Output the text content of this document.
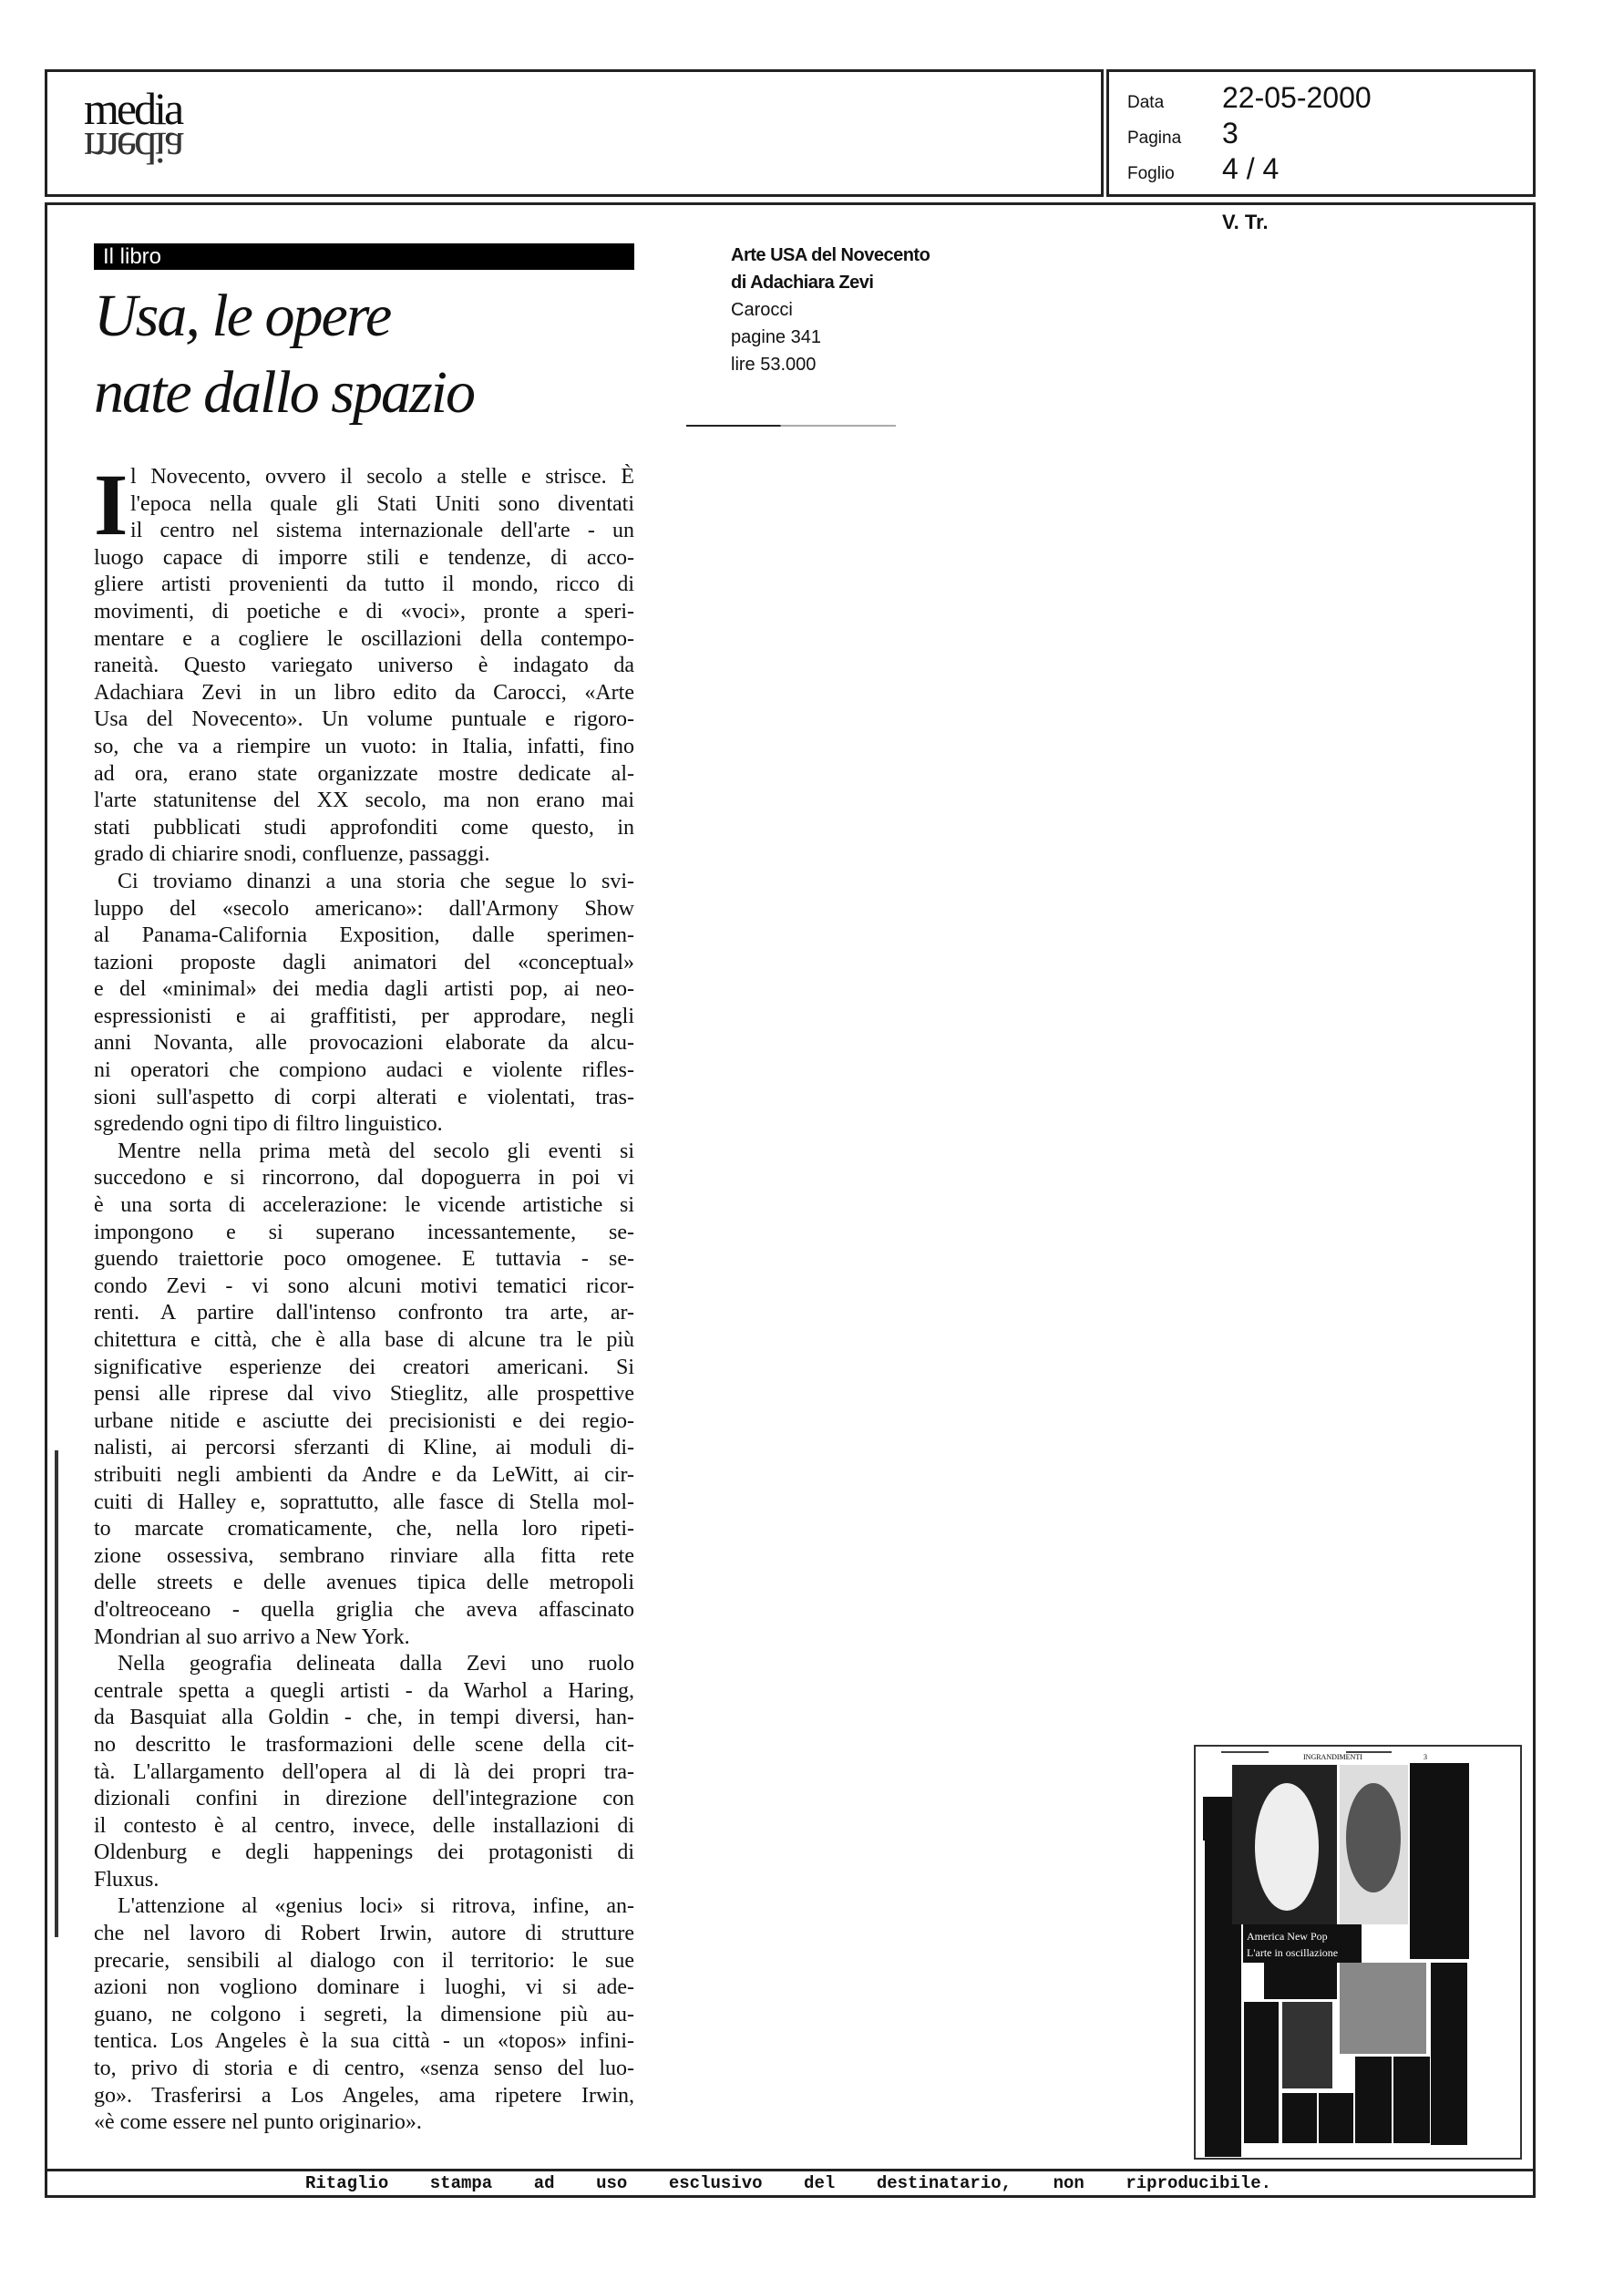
media
media
Data	22-05-2000
Pagina	3
Foglio	4 / 4
V. Tr.
Il libro
Usa, le opere
nate dallo spazio
Arte USA del Novecento
di Adachiara Zevi
Carocci
pagine 341
lire 53.000
I l Novecento, ovvero il secolo a stelle e strisce. È
l'epoca nella quale gli Stati Uniti sono diventati
il centro nel sistema internazionale dell'arte - un
luogo capace di imporre stili e tendenze, di acco-
gliere artisti provenienti da tutto il mondo, ricco di
movimenti, di poetiche e di «voci», pronte a speri-
mentare e a cogliere le oscillazioni della contempo-
raneità. Questo variegato universo è indagato da
Adachiara Zevi in un libro edito da Carocci, «Arte
Usa del Novecento». Un volume puntuale e rigoro-
so, che va a riempire un vuoto: in Italia, infatti, fino
ad ora, erano state organizzate mostre dedicate al-
l'arte statunitense del XX secolo, ma non erano mai
stati pubblicati studi approfonditi come questo, in
grado di chiarire snodi, confluenze, passaggi.
Ci troviamo dinanzi a una storia che segue lo svi-
luppo del «secolo americano»: dall'Armony Show
al Panama-California Exposition, dalle sperimen-
tazioni proposte dagli animatori del «conceptual»
e del «minimal» dei media dagli artisti pop, ai neo-
espressionisti e ai graffitisti, per approdare, negli
anni Novanta, alle provocazioni elaborate da alcu-
ni operatori che compiono audaci e violente rifles-
sioni sull'aspetto di corpi alterati e violentati, tras-
sgredendo ogni tipo di filtro linguistico.
Mentre nella prima metà del secolo gli eventi si
succedono e si rincorrono, dal dopoguerra in poi vi
è una sorta di accelerazione: le vicende artistiche si
impongono e si superano incessantemente, se-
guendo traiettorie poco omogenee. E tuttavia - se-
condo Zevi - vi sono alcuni motivi tematici ricor-
renti. A partire dall'intenso confronto tra arte, ar-
chitettura e città, che è alla base di alcune tra le più
significative esperienze dei creatori americani. Si
pensi alle riprese dal vivo Stieglitz, alle prospettive
urbane nitide e asciutte dei precisionisti e dei regio-
nalisti, ai percorsi sferzanti di Kline, ai moduli di-
stribuiti negli ambienti da Andre e da LeWitt, ai cir-
cuiti di Halley e, soprattutto, alle fasce di Stella mol-
to marcate cromaticamente, che, nella loro ripeti-
zione ossessiva, sembrano rinviare alla fitta rete
delle streets e delle avenues tipica delle metropoli
d'oltreoceano - quella griglia che aveva affascinato
Mondrian al suo arrivo a New York.
Nella geografia delineata dalla Zevi uno ruolo
centrale spetta a quegli artisti - da Warhol a Haring,
da Basquiat alla Goldin - che, in tempi diversi, han-
no descritto le trasformazioni delle scene della cit-
tà. L'allargamento dell'opera al di là dei propri tra-
dizionali confini in direzione dell'integrazione con
il contesto è al centro, invece, delle installazioni di
Oldenburg e degli happenings dei protagonisti di
Fluxus.
L'attenzione al «genius loci» si ritrova, infine, an-
che nel lavoro di Robert Irwin, autore di strutture
precarie, sensibili al dialogo con il territorio: le sue
azioni non vogliono dominare i luoghi, vi si ade-
guano, ne colgono i segreti, la dimensione più au-
tentica. Los Angeles è la sua città - un «topos» infini-
to, privo di storia e di centro, «senza senso del luo-
go». Trasferirsi a Los Angeles, ama ripetere Irwin,
«è come essere nel punto originario».
INGRANDIMENTI	3
America New Pop
L'arte in oscillazione
Ritaglio stampa ad uso esclusivo del destinatario, non riproducibile.
